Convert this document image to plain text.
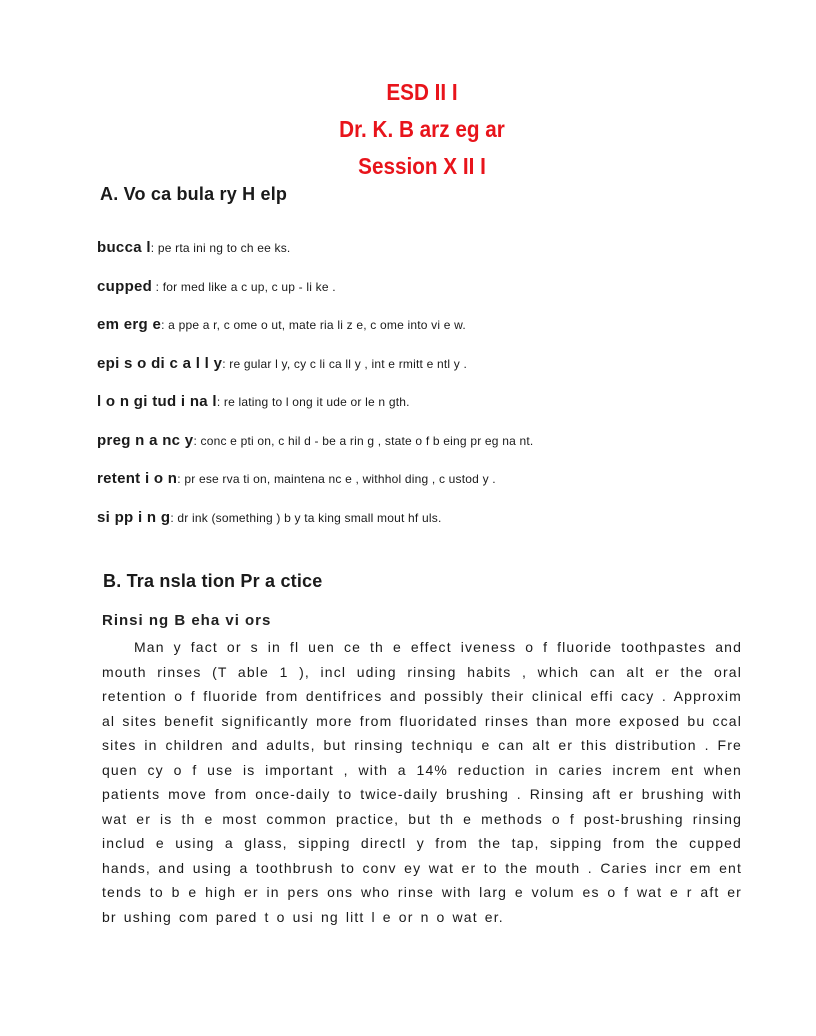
ESD II I
Dr. K. B arz eg ar
Session X II I
A. Vo ca bula ry H elp
bucca l: pe rta ini ng to ch ee ks.
cupped : for med like a c up, c up - li ke .
em erg e: a ppe a r, c ome o ut, mate ria li z e, c ome into vi e w.
epi s o di c a l l y: re gular l y, cy c li ca ll y , int e rmitt e ntl y .
l o n gi tud i na l: re lating to l ong it ude or le n gth.
preg n a nc y: conc e pti on, c hil d - be a rin g , state o f b eing pr eg na nt.
retent i o n: pr ese rva ti on, maintena nc e , withhol ding , c ustod y .
si pp i n g: dr ink (something ) b y ta king small mout hf uls.
B. Tra nsla tion Pr a ctice
Rinsi ng B eha vi ors

Man y fact or s in fl uen ce th e effect iveness o f fluoride toothpastes and mouth rinses (T able 1 ), incl uding rinsing habits , which can alt er the oral retention o f fluoride from dentifrices and possibly their clinical effi cacy . Approxim al sites benefit significantly more from fluoridated rinses than more exposed bu ccal sites in children and adults, but rinsing techniqu e can alt er this distribution . Fre quen cy o f use is important , with a 14% reduction in caries increm ent when patients move from once-daily to twice-daily brushing . Rinsing aft er brushing with wat er is th e most common practice, but th e methods o f post-brushing rinsing includ e using a glass, sipping directl y from the tap, sipping from the cupped hands, and using a toothbrush to conv ey wat er to the mouth . Caries incr em ent tends to b e high er in pers ons who rinse with larg e volum es o f wat e r aft er br ushing com pared t o usi ng litt l e or n o wat er.
